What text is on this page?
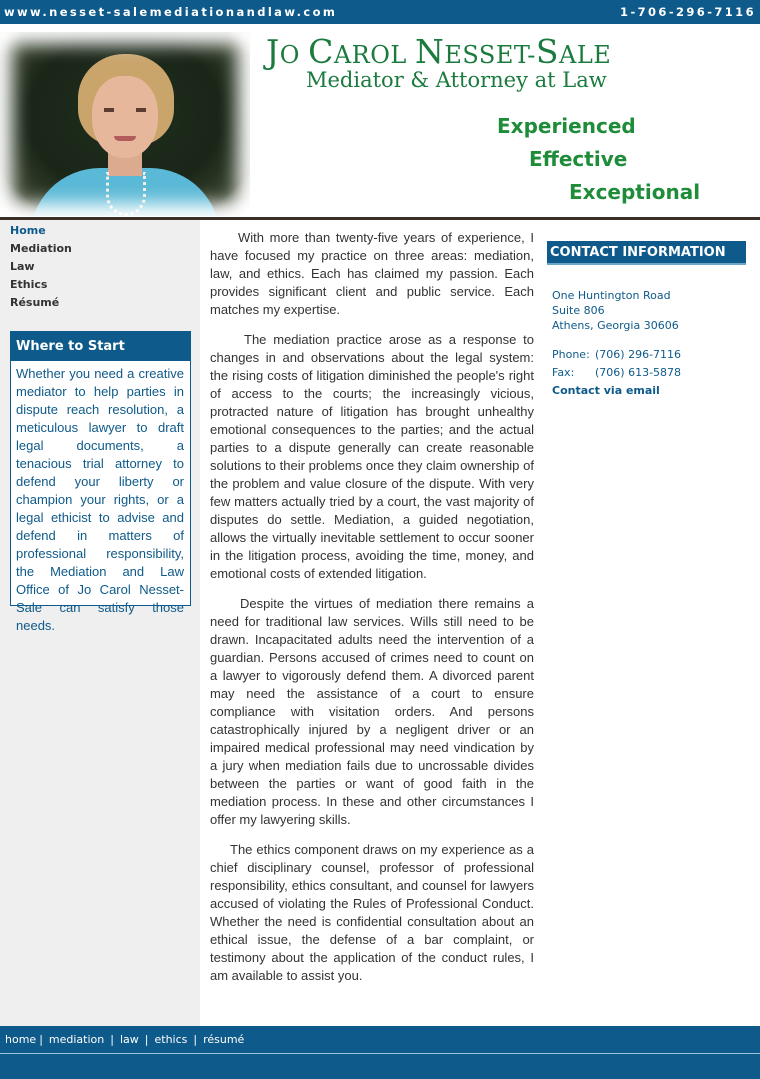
www.nesset-salemediationandlaw.com	1-706-296-7116
JO CAROL NESSET-SALE
Mediator & Attorney at Law
Experienced
Effective
Exceptional
Home
Mediation
Law
Ethics
Résumé
Where to Start
Whether you need a creative mediator to help parties in dispute reach resolution, a meticulous lawyer to draft legal documents, a tenacious trial attorney to defend your liberty or champion your rights, or a legal ethicist to advise and defend in matters of professional responsibility, the Mediation and Law Office of Jo Carol Nesset-Sale can satisfy those needs.

With more than twenty-five years of experience, I have focused my practice on three areas: mediation, law, and ethics. Each has claimed my passion. Each provides significant client and public service. Each matches my expertise.

The mediation practice arose as a response to changes in and observations about the legal system: the rising costs of litigation diminished the people's right of access to the courts; the increasingly vicious, protracted nature of litigation has brought unhealthy emotional consequences to the parties; and the actual parties to a dispute generally can create reasonable solutions to their problems once they claim ownership of the problem and value closure of the dispute. With very few matters actually tried by a court, the vast majority of disputes do settle. Mediation, a guided negotiation, allows the virtually inevitable settlement to occur sooner in the litigation process, avoiding the time, money, and emotional costs of extended litigation.

Despite the virtues of mediation there remains a need for traditional law services. Wills still need to be drawn. Incapacitated adults need the intervention of a guardian. Persons accused of crimes need to count on a lawyer to vigorously defend them. A divorced parent may need the assistance of a court to ensure compliance with visitation orders. And persons catastrophically injured by a negligent driver or an impaired medical professional may need vindication by a jury when mediation fails due to uncrossable divides between the parties or want of good faith in the mediation process. In these and other circumstances I offer my lawyering skills.

The ethics component draws on my experience as a chief disciplinary counsel, professor of professional responsibility, ethics consultant, and counsel for lawyers accused of violating the Rules of Professional Conduct. Whether the need is confidential consultation about an ethical issue, the defense of a bar complaint, or testimony about the application of the conduct rules, I am available to assist you.

CONTACT INFORMATION
One Huntington Road
Suite 806
Athens, Georgia 30606
Phone: (706) 296-7116
Fax: (706) 613-5878
Contact via email
home | mediation | law | ethics | résumé
